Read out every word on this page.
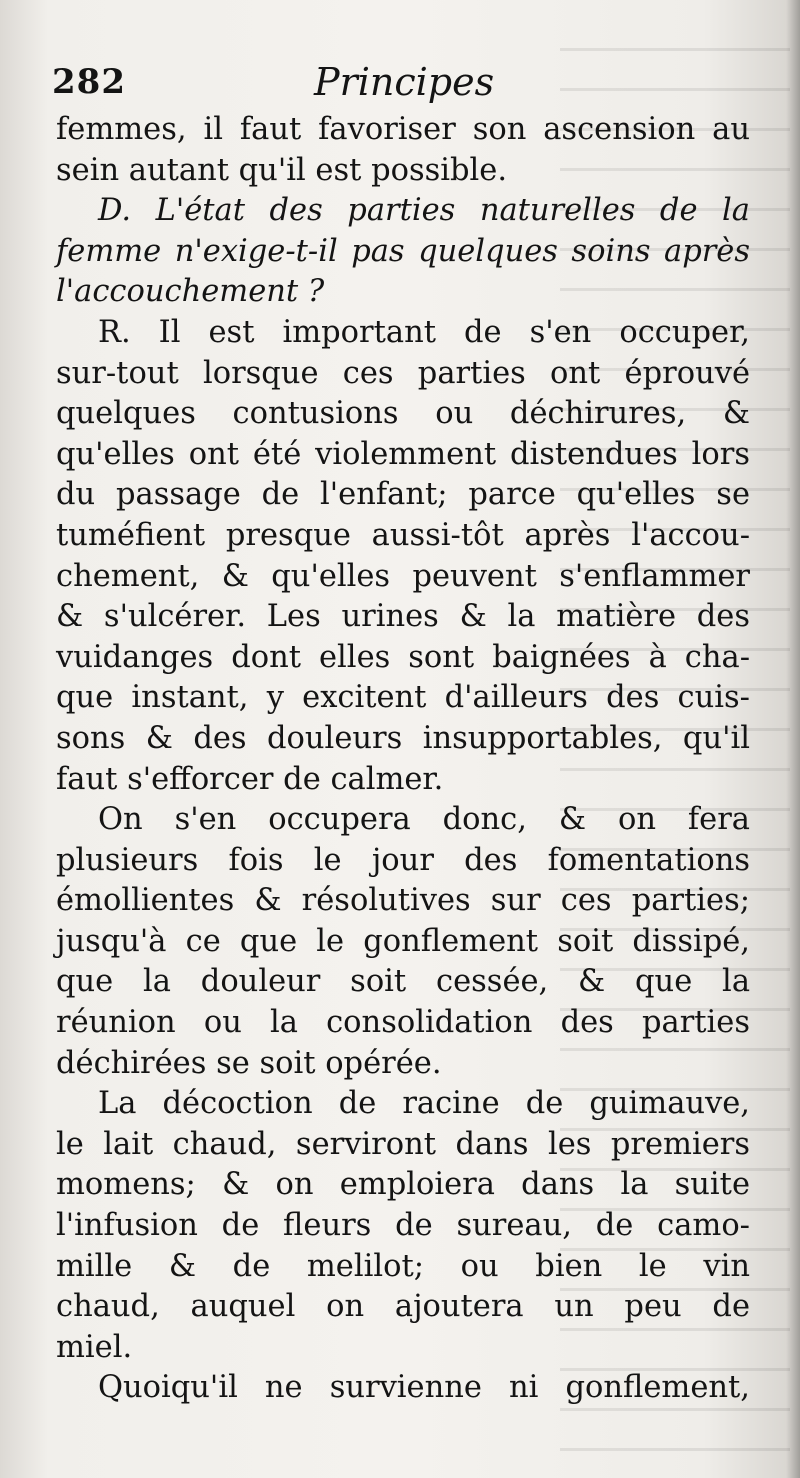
282	Principes
femmes, il faut favoriser son ascension au
sein autant qu'il est possible.
D. L'état des parties naturelles de la
femme n'exige-t-il pas quelques soins après
l'accouchement ?
R. Il est important de s'en occuper,
sur-tout lorsque ces parties ont éprouvé
quelques contusions ou déchirures, &
qu'elles ont été violemment distendues lors
du passage de l'enfant; parce qu'elles se
tuméfient presque aussi-tôt après l'accou-
chement, & qu'elles peuvent s'enflammer
& s'ulcérer. Les urines & la matière des
vuidanges dont elles sont baignées à cha-
que instant, y excitent d'ailleurs des cuis-
sons & des douleurs insupportables, qu'il
faut s'efforcer de calmer.
On s'en occupera donc, & on fera
plusieurs fois le jour des fomentations
émollientes & résolutives sur ces parties;
jusqu'à ce que le gonflement soit dissipé,
que la douleur soit cessée, & que la
réunion ou la consolidation des parties
déchirées se soit opérée.
La décoction de racine de guimauve,
le lait chaud, serviront dans les premiers
momens; & on emploiera dans la suite
l'infusion de fleurs de sureau, de camo-
mille & de melilot; ou bien le vin
chaud, auquel on ajoutera un peu de
miel.
Quoiqu'il ne survienne ni gonflement,
